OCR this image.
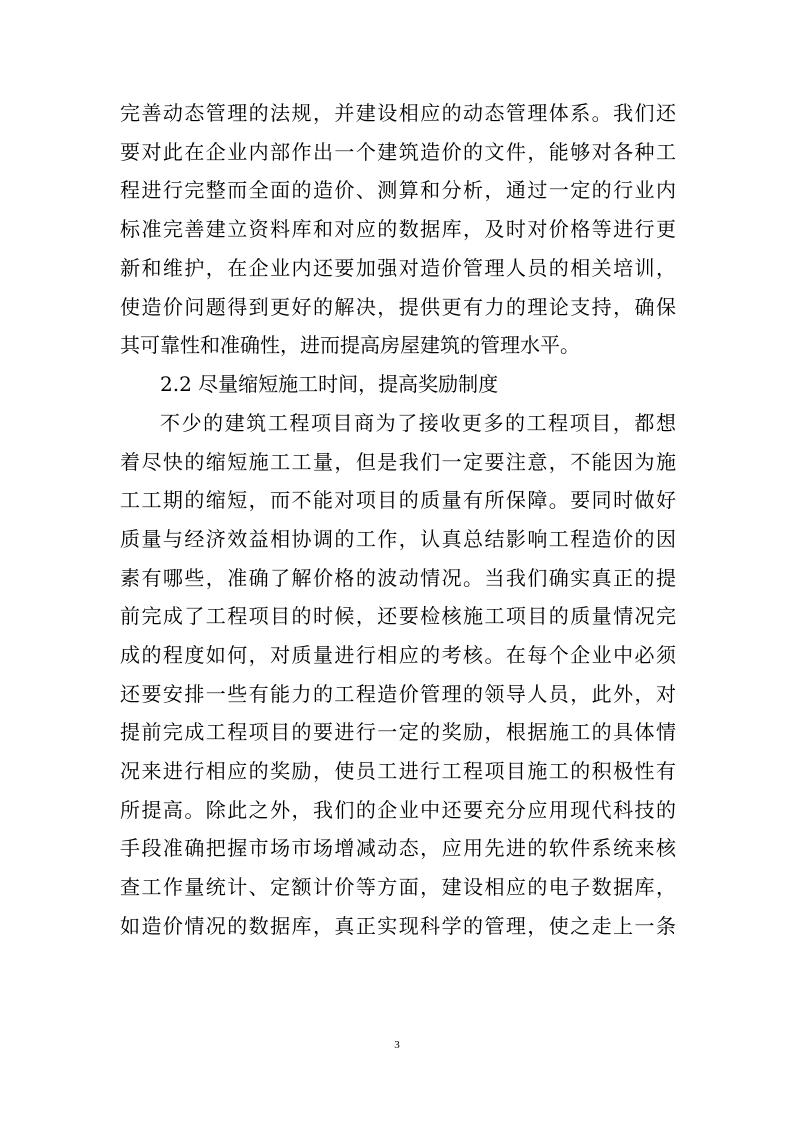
完善动态管理的法规，并建设相应的动态管理体系。我们还
要对此在企业内部作出一个建筑造价的文件，能够对各种工
程进行完整而全面的造价、测算和分析，通过一定的行业内
标准完善建立资料库和对应的数据库，及时对价格等进行更
新和维护，在企业内还要加强对造价管理人员的相关培训，
使造价问题得到更好的解决，提供更有力的理论支持，确保
其可靠性和准确性，进而提高房屋建筑的管理水平。
2.2 尽量缩短施工时间，提高奖励制度
不少的建筑工程项目商为了接收更多的工程项目，都想
着尽快的缩短施工工量，但是我们一定要注意，不能因为施
工工期的缩短，而不能对项目的质量有所保障。要同时做好
质量与经济效益相协调的工作，认真总结影响工程造价的因
素有哪些，准确了解价格的波动情况。当我们确实真正的提
前完成了工程项目的时候，还要检核施工项目的质量情况完
成的程度如何，对质量进行相应的考核。在每个企业中必须
还要安排一些有能力的工程造价管理的领导人员，此外，对
提前完成工程项目的要进行一定的奖励，根据施工的具体情
况来进行相应的奖励，使员工进行工程项目施工的积极性有
所提高。除此之外，我们的企业中还要充分应用现代科技的
手段准确把握市场市场增减动态，应用先进的软件系统来核
查工作量统计、定额计价等方面，建设相应的电子数据库，
如造价情况的数据库，真正实现科学的管理，使之走上一条
3
